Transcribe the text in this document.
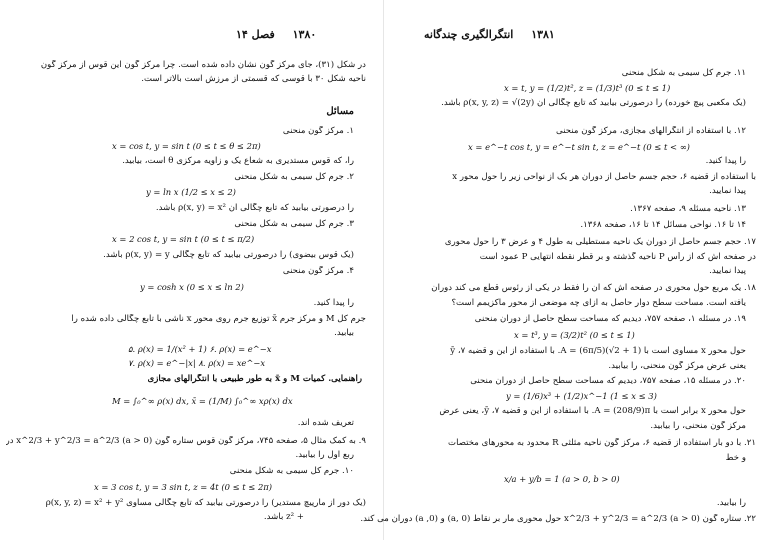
۱۳۸۰ فصل ۱۴
در شکل (۳۱)، جای مرکز گون نشان داده شده است. چرا مرکز گون این قوس از مرکز گون
ناحیه شکل ۳۰ با قوسی که قسمتی از مرزش است بالاتر است.
مسائل
۱. مرکز گون منحنی
x = cos t, y = sin t (0 ≤ t ≤ θ ≤ 2π)
را، که قوس مستدیری به شعاع یک و زاویه مرکزی θ است، بیابید.
۲. جرم کل سیمی به شکل منحنی
y = ln x (1/2 ≤ x ≤ 2)
را درصورتی بیابید که تابع چگالی آن ρ(x, y) = x² باشد.
۳. جرم کل سیمی به شکل منحنی
x = 2 cos t, y = sin t (0 ≤ t ≤ π/2)
(یک قوس بیضوی) را درصورتی بیابید که تابع چگالی ρ(x, y) = y باشد.
۴. مرکز گون منحنی
y = cosh x (0 ≤ x ≤ ln 2)
را پیدا کنید.
جرم کل M و مرکز جرم x̄ توزیع جرم روی محور x ناشی با تابع چگالی داده شده را
بیابید.
۵. ρ(x) = 1/(x² + 1) ۶. ρ(x) = e^−x
۷. ρ(x) = e^−|x| ۸. ρ(x) = xe^−x
راهنمایی. کمیات M و x̄ به طور طبیعی با انتگرالهای مجازی
M = ∫₀^∞ ρ(x) dx, x̄ = (1/M) ∫₀^∞ xρ(x) dx
تعریف شده اند.
۹. به کمک مثال ۵، صفحه ۷۴۵، مرکز گون قوس ستاره گون x^2/3 + y^2/3 = a^2/3 (a > 0) در
ربع اول را بیابید.
۱۰. جرم کل سیمی به شکل منحنی
x = 3 cos t, y = 3 sin t, z = 4t (0 ≤ t ≤ 2π)
(یک دور از مارپیچ مستدیر) را درصورتی بیابید که تابع چگالی مساوی ρ(x, y, z) = x² + y²
+ z² باشد.
۱۳۸۱ انتگرالگیری چندگانه
۱۱. جرم کل سیمی به شکل منحنی
x = t, y = (1/2)t², z = (1/3)t³ (0 ≤ t ≤ 1)
(یک مکعبی پیچ خورده) را درصورتی بیابید که تابع چگالی آن ρ(x, y, z) = √(2y) باشد.
۱۲. با استفاده از انتگرالهای مجازی، مرکز گون منحنی
x = e^−t cos t, y = e^−t sin t, z = e^−t (0 ≤ t < ∞)
را پیدا کنید.
با استفاده از قضیه ۶، حجم جسم حاصل از دوران هر یک از نواحی زیر را حول محور x
پیدا نمایید.
۱۳. ناحیه مسئله ۹، صفحه ۱۳۶۷.
۱۴ تا ۱۶. نواحی مسائل ۱۴ تا ۱۶، صفحه ۱۳۶۸.
۱۷. حجم جسم حاصل از دوران یک ناحیه مستطیلی به طول ۴ و عرض ۳ را حول محوری
در صفحه اش که از رأس P ناحیه گذشته و بر قطر نقطه انتهایی P عمود است
پیدا نمایید.
۱۸. یک مربع حول محوری در صفحه اش که آن را فقط در یکی از رئوس قطع می کند دوران
یافته است. مساحت سطح دوار حاصل به ازای چه موضعی از محور ماکزیمم است؟
۱۹. در مسئله ۱، صفحه ۷۵۷، دیدیم که مساحت سطح حاصل از دوران منحنی
x = t³, y = (3/2)t² (0 ≤ t ≤ 1)
حول محور x مساوی است با A = (6π/5)(√2 + 1). با استفاده از این و قضیه ۷، ȳ
یعنی عرض مرکز گون منحنی، را بیابید.
۲۰. در مسئله ۱۵، صفحه ۷۵۷، دیدیم که مساحت سطح حاصل از دوران منحنی
y = (1/6)x³ + (1/2)x^−1 (1 ≤ x ≤ 3)
حول محور x برابر است با A = (208/9)π. با استفاده از این و قضیه ۷، ȳ، یعنی عرض
مرکز گون منحنی، را بیابید.
۲۱. با دو بار استفاده از قضیه ۶، مرکز گون ناحیه مثلثی R محدود به محورهای مختصات
و خط
x/a + y/b = 1 (a > 0, b > 0)
را بیابید.
۲۲. ستاره گون x^2/3 + y^2/3 = a^2/3 (a > 0) حول محوری مار بر نقاط (a, 0) و (0, a) دوران می کند.
